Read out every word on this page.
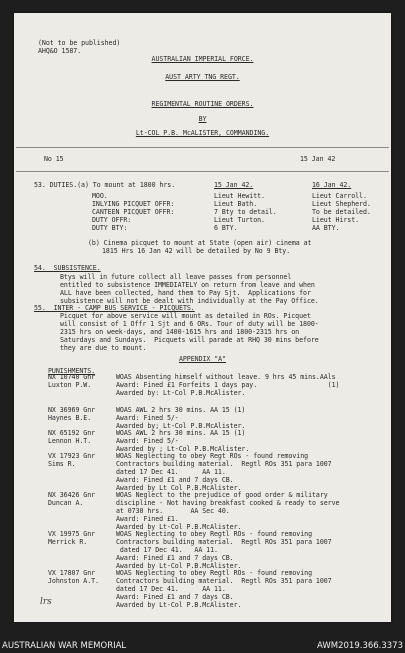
(Not to be published)
AHQ&O 1587.
AUSTRALIAN IMPERIAL FORCE.
AUST ARTY TNG REGT.
REGIMENTAL ROUTINE ORDERS.
BY
Lt-COL P.B. McALISTER, COMMANDING.
No 15	15 Jan 42
53. DUTIES.(a) To mount at 1800 hrs.	15 Jan 42.	16 Jan 42.
MOO.	Lieut Hewitt.	Lieut Carroll.
INLYING PICQUET OFFR:	Lieut Bath.	Lieut Shepherd.
CANTEEN PICQUET OFFR:	7 Bty to detail.	To be detailed.
DUTY OFFR:	Lieut Turton.	Lieut Hirst.
DUTY BTY:	6 BTY.	AA BTY.
(b) Cinema picquet to mount at State (open air) cinema at
1815 Hrs 16 Jan 42 will be detailed by No 9 Bty.
54.  SUBSISTENCE.
Btys will in future collect all leave passes from personnel
entitled to subsistence IMMEDIATELY on return from leave and when
ALL have been collected, hand them to Pay Sjt.  Applications for
subsistence will not be dealt with individually at the Pay Office.
55.  INTER - CAMP BUS SERVICE - PICQUETS.
Picquet for above service will mount as detailed in ROs. Picquet
will consist of 1 Offr 1 Sjt and 6 ORs. Tour of duty will be 1800-
2315 hrs on week-days, and 1400-1615 hrs and 1800-2315 hrs on
Saturdays and Sundays.  Picquets will parade at RHQ 30 mins before
they are due to mount.
APPENDIX "A"
PUNISHMENTS.
NX 10740 Gnr
Luxton P.W.
WOAS Absenting himself without leave. 9 hrs 45 mins.AAls
Award: Fined £1 Forfeits 1 days pay.                  (1)
Awarded by: Lt-Col P.B.McAlister.
NX 36969 Gnr
Haynes B.E.
WOAS AWL 2 hrs 30 mins. AA 15 (1)
Award: Fined 5/-
Awarded by; Lt-Col P.B.McAlister.
NX 65192 Gnr
Lennon H.T.
WOAS AWL 2 hrs 30 mins. AA 15 (1)
Award: Fined 5/-
Awarded by ; Lt-Col P.B.McAlister.
VX 17923 Gnr
Sims R.
WOAS Neglecting to obey Regt ROs - found removing
Contractors building material.  Regtl ROs 351 para 1007
dated 17 Dec 41.      AA 11.
Award: Fined £1 and 7 days CB.
Awarded by Lt Col P.B.McAlister.
NX 36426 Gnr
Duncan A.
WOAS Neglect to the prejudice of good order & military
discipline - Not having breakfast cooked & ready to serve
at 0730 hrs.       AA Sec 40.
Award: Fined £1.
Awarded by Lt-Col P.B.McAlister.
VX 19975 Gnr
Merrick R.
WOAS Neglecting to obey Regtl ROs - found removing
Contractors building material.  Regtl ROs 351 para 1007
dated 17 Dec 41.   AA 11.
Award: Fined £1 and 7 days CB.
Awarded by Lt-Col P.B.McAlister.
VX 17807 Gnr
Johnston A.T.
WOAS Neglecting to obey Regtl ROs - found removing
Contractors building material.  Regtl ROs 351 para 1007
dated 17 Dec 41.      AA 11.
Award: Fined £1 and 7 days CB.
Awarded by Lt-Col P.B.McAlister.
lrs
AUSTRALIAN WAR MEMORIAL	AWM2019.366.3373
